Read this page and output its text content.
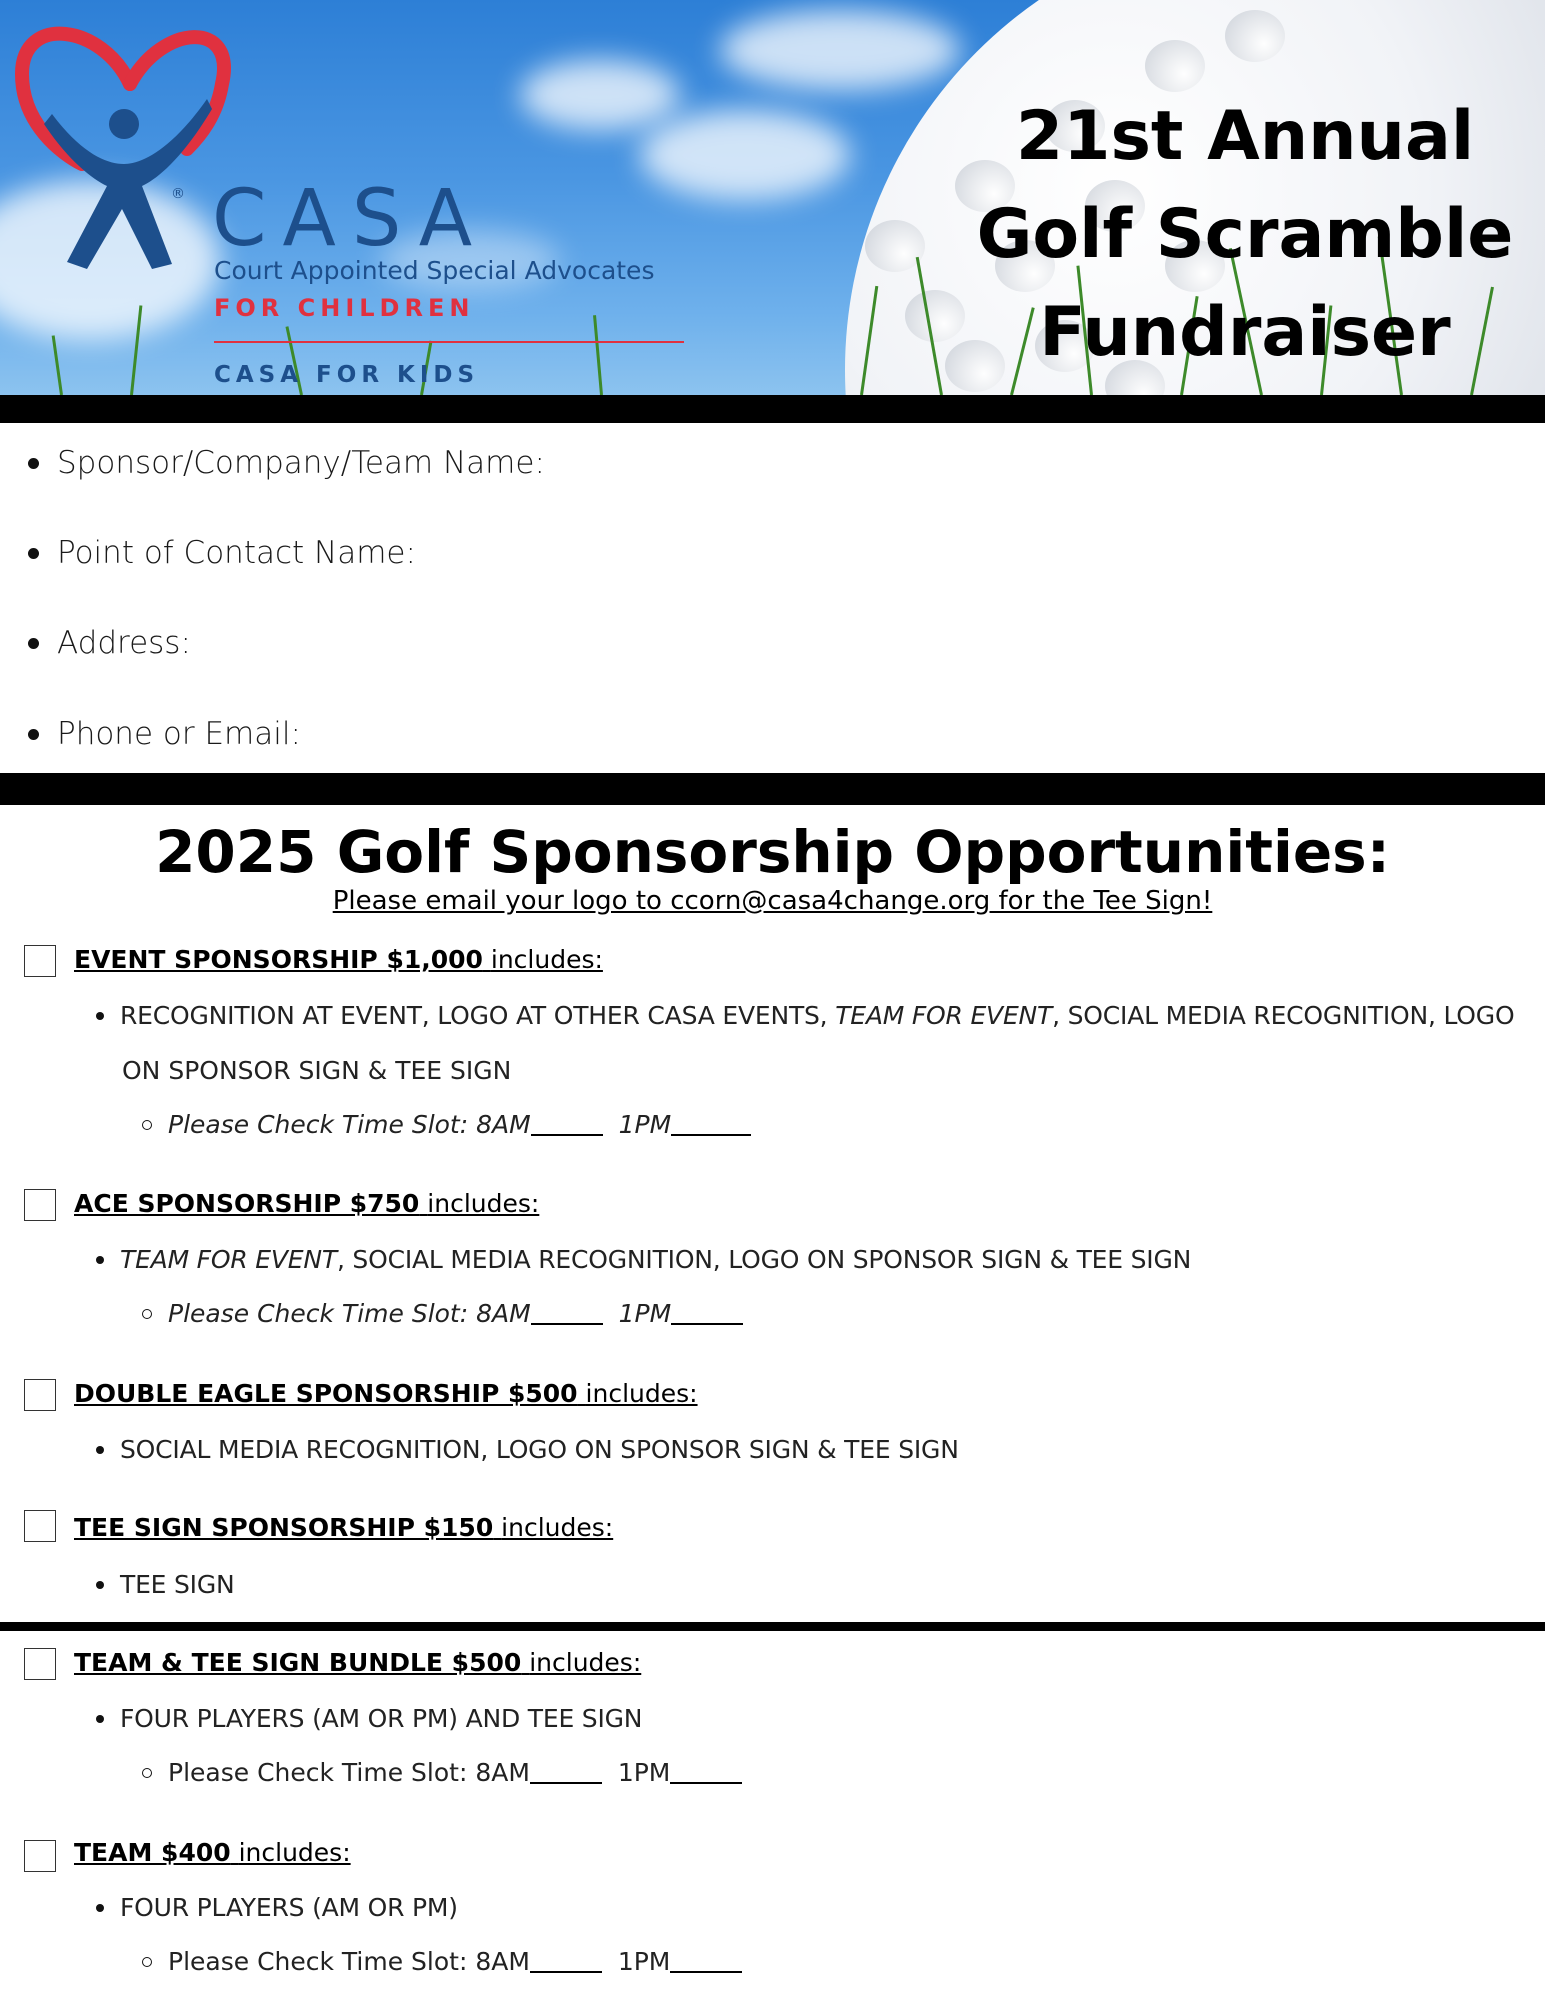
® CASA
Court Appointed Special Advocates
FOR CHILDREN
CASA FOR KIDS
21st Annual
Golf Scramble
Fundraiser
Sponsor/Company/Team Name:
Point of Contact Name:
Address:
Phone or Email:
2025 Golf Sponsorship Opportunities:
Please email your logo to ccorn@casa4change.org for the Tee Sign!
EVENT SPONSORSHIP $1,000 includes:
RECOGNITION AT EVENT, LOGO AT OTHER CASA EVENTS, TEAM FOR EVENT, SOCIAL MEDIA RECOGNITION, LOGO
ON SPONSOR SIGN & TEE SIGN
Please Check Time Slot: 8AM
	1PM
ACE SPONSORSHIP $750 includes:
TEAM FOR EVENT, SOCIAL MEDIA RECOGNITION, LOGO ON SPONSOR SIGN & TEE SIGN
Please Check Time Slot: 8AM
	1PM
DOUBLE EAGLE SPONSORSHIP $500 includes:
SOCIAL MEDIA RECOGNITION, LOGO ON SPONSOR SIGN & TEE SIGN
TEE SIGN SPONSORSHIP $150 includes:
TEE SIGN
TEAM & TEE SIGN BUNDLE $500 includes:
FOUR PLAYERS (AM OR PM) AND TEE SIGN
Please Check Time Slot: 8AM
	1PM
TEAM $400 includes:
FOUR PLAYERS (AM OR PM)
Please Check Time Slot: 8AM
	1PM
